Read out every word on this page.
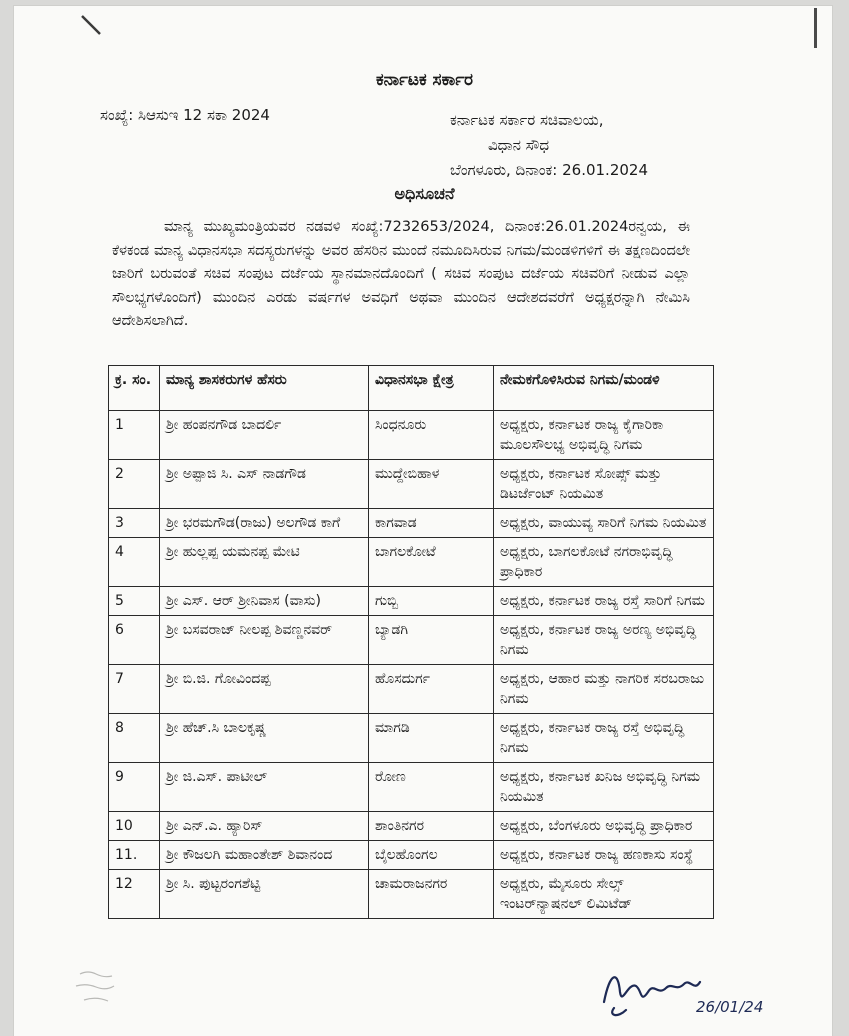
ಕರ್ನಾಟಕ ಸರ್ಕಾರ
ಸಂಖ್ಯೆ: ಸಿಆಸುಇ 12 ಸಕಾ 2024	ಕರ್ನಾಟಕ ಸರ್ಕಾರ ಸಚಿವಾಲಯ,
ವಿಧಾನ ಸೌಧ
ಬೆಂಗಳೂರು, ದಿನಾಂಕ: 26.01.2024
ಅಧಿಸೂಚನೆ
ಮಾನ್ಯ ಮುಖ್ಯಮಂತ್ರಿಯವರ ನಡವಳಿ ಸಂಖ್ಯೆ:7232653/2024, ದಿನಾಂಕ:26.01.2024ರನ್ವಯ, ಈ ಕೆಳಕಂಡ ಮಾನ್ಯ ವಿಧಾನಸಭಾ ಸದಸ್ಯರುಗಳನ್ನು ಅವರ ಹೆಸರಿನ ಮುಂದೆ ನಮೂದಿಸಿರುವ ನಿಗಮ/ಮಂಡಳಿಗಳಿಗೆ ಈ ತಕ್ಷಣದಿಂದಲೇ ಜಾರಿಗೆ ಬರುವಂತೆ ಸಚಿವ ಸಂಪುಟ ದರ್ಜೆಯ ಸ್ಥಾನಮಾನದೊಂದಿಗೆ ( ಸಚಿವ ಸಂಪುಟ ದರ್ಜೆಯ ಸಚಿವರಿಗೆ ನೀಡುವ ಎಲ್ಲಾ ಸೌಲಭ್ಯಗಳೊಂದಿಗೆ) ಮುಂದಿನ ಎರಡು ವರ್ಷಗಳ ಅವಧಿಗೆ ಅಥವಾ ಮುಂದಿನ ಆದೇಶದವರೆಗೆ ಅಧ್ಯಕ್ಷರನ್ನಾಗಿ ನೇಮಿಸಿ ಆದೇಶಿಸಲಾಗಿದೆ.
ಕ್ರ. ಸಂ.	ಮಾನ್ಯ ಶಾಸಕರುಗಳ ಹೆಸರು	ವಿಧಾನಸಭಾ ಕ್ಷೇತ್ರ	ನೇಮಕಗೊಳಿಸಿರುವ ನಿಗಮ/ಮಂಡಳಿ
1	ಶ್ರೀ ಹಂಪನಗೌಡ ಬಾದರ್ಲಿ	ಸಿಂಧನೂರು	ಅಧ್ಯಕ್ಷರು, ಕರ್ನಾಟಕ ರಾಜ್ಯ ಕೈಗಾರಿಕಾ ಮೂಲಸೌಲಭ್ಯ ಅಭಿವೃದ್ಧಿ ನಿಗಮ
2	ಶ್ರೀ ಅಪ್ಪಾಜಿ ಸಿ. ಎಸ್ ನಾಡಗೌಡ	ಮುದ್ದೇಬಿಹಾಳ	ಅಧ್ಯಕ್ಷರು, ಕರ್ನಾಟಕ ಸೋಪ್ಸ್ ಮತ್ತು ಡಿಟರ್ಜೆಂಟ್ ನಿಯಮಿತ
3	ಶ್ರೀ ಭರಮಗೌಡ(ರಾಜು) ಅಲಗೌಡ ಕಾಗೆ	ಕಾಗವಾಡ	ಅಧ್ಯಕ್ಷರು, ವಾಯುವ್ಯ ಸಾರಿಗೆ ನಿಗಮ ನಿಯಮಿತ
4	ಶ್ರೀ ಹುಲ್ಲಪ್ಪ ಯಮನಪ್ಪ ಮೇಟಿ	ಬಾಗಲಕೋಟೆ	ಅಧ್ಯಕ್ಷರು, ಬಾಗಲಕೋಟೆ ನಗರಾಭಿವೃದ್ಧಿ ಪ್ರಾಧಿಕಾರ
5	ಶ್ರೀ ಎಸ್. ಆರ್ ಶ್ರೀನಿವಾಸ (ವಾಸು)	ಗುಬ್ಬಿ	ಅಧ್ಯಕ್ಷರು, ಕರ್ನಾಟಕ ರಾಜ್ಯ ರಸ್ತೆ ಸಾರಿಗೆ ನಿಗಮ
6	ಶ್ರೀ ಬಸವರಾಜ್ ನೀಲಪ್ಪ ಶಿವಣ್ಣನವರ್	ಬ್ಯಾಡಗಿ	ಅಧ್ಯಕ್ಷರು, ಕರ್ನಾಟಕ ರಾಜ್ಯ ಅರಣ್ಯ ಅಭಿವೃದ್ಧಿ ನಿಗಮ
7	ಶ್ರೀ ಬಿ.ಜಿ. ಗೋವಿಂದಪ್ಪ	ಹೊಸದುರ್ಗ	ಅಧ್ಯಕ್ಷರು, ಆಹಾರ ಮತ್ತು ನಾಗರಿಕ ಸರಬರಾಜು ನಿಗಮ
8	ಶ್ರೀ ಹೆಚ್.ಸಿ ಬಾಲಕೃಷ್ಣ	ಮಾಗಡಿ	ಅಧ್ಯಕ್ಷರು, ಕರ್ನಾಟಕ ರಾಜ್ಯ ರಸ್ತೆ ಅಭಿವೃದ್ಧಿ ನಿಗಮ
9	ಶ್ರೀ ಜಿ.ಎಸ್. ಪಾಟೀಲ್	ರೋಣ	ಅಧ್ಯಕ್ಷರು, ಕರ್ನಾಟಕ ಖನಿಜ ಅಭಿವೃದ್ಧಿ ನಿಗಮ ನಿಯಮಿತ
10	ಶ್ರೀ ಎನ್.ಎ. ಹ್ಯಾರಿಸ್	ಶಾಂತಿನಗರ	ಅಧ್ಯಕ್ಷರು, ಬೆಂಗಳೂರು ಅಭಿವೃದ್ಧಿ ಪ್ರಾಧಿಕಾರ
11.	ಶ್ರೀ ಕೌಜಲಗಿ ಮಹಾಂತೇಶ್ ಶಿವಾನಂದ	ಬೈಲಹೊಂಗಲ	ಅಧ್ಯಕ್ಷರು, ಕರ್ನಾಟಕ ರಾಜ್ಯ ಹಣಕಾಸು ಸಂಸ್ಥೆ
12	ಶ್ರೀ ಸಿ. ಪುಟ್ಟರಂಗಶೆಟ್ಟಿ	ಚಾಮರಾಜನಗರ	ಅಧ್ಯಕ್ಷರು, ಮೈಸೂರು ಸೇಲ್ಸ್ ಇಂಟರ್‌ನ್ಯಾಷನಲ್ ಲಿಮಿಟೆಡ್
26/01/24
